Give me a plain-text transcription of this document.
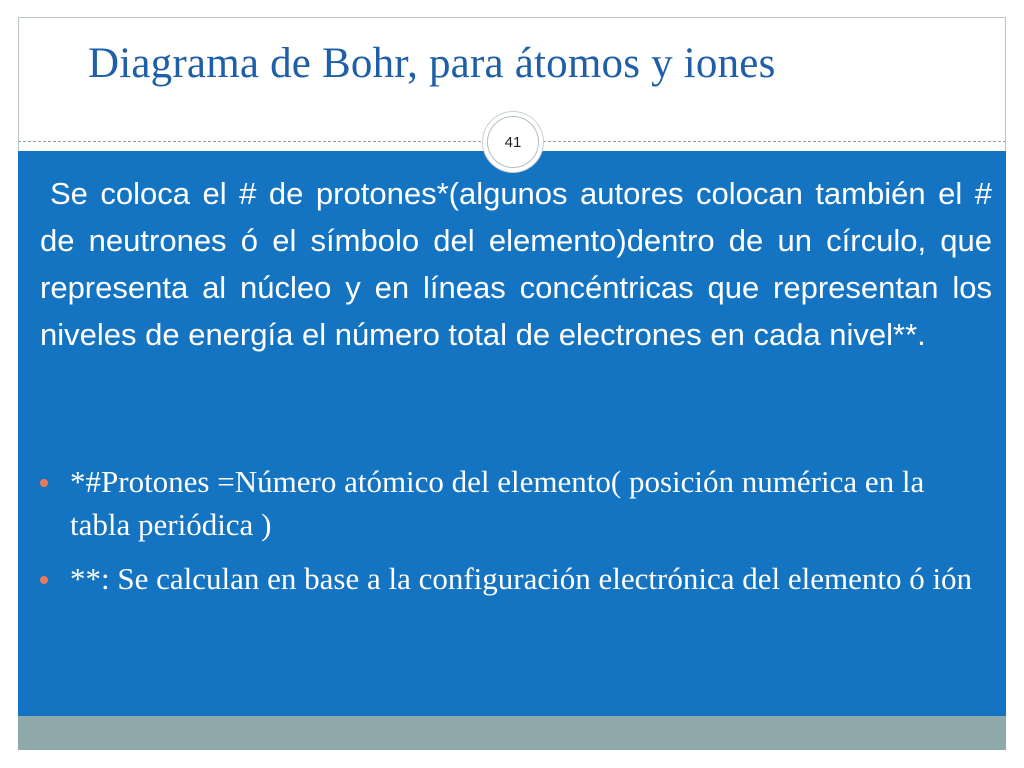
Diagrama de Bohr, para átomos y iones
41

Se coloca el # de protones*(algunos autores colocan también el # de neutrones ó el símbolo del elemento)dentro de un círculo, que representa al núcleo y en líneas concéntricas que representan los niveles de energía el número total de electrones en cada nivel**.

*#Protones =Número atómico del elemento( posición numérica en la tabla periódica )
**: Se calculan en base a la configuración electrónica del elemento ó ión
